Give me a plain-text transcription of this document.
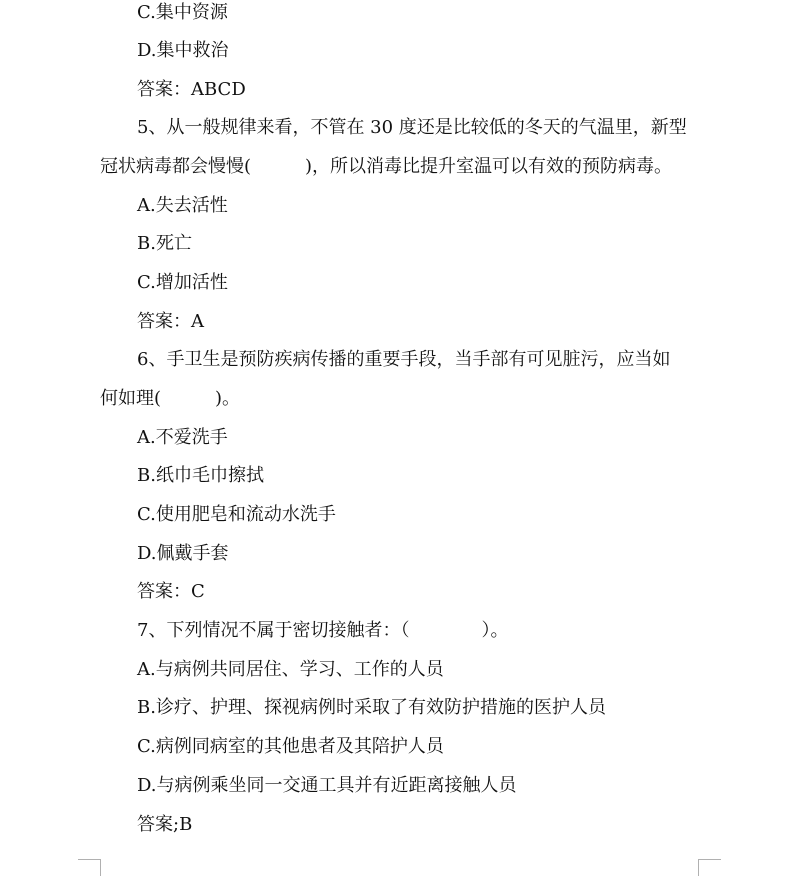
C.集中资源
D.集中救治
答案：ABCD
5、从一般规律来看，不管在 30 度还是比较低的冬天的气温里，新型
冠状病毒都会慢慢(　　　)，所以消毒比提升室温可以有效的预防病毒。
A.失去活性
B.死亡
C.增加活性
答案：A
6、手卫生是预防疾病传播的重要手段，当手部有可见脏污，应当如
何如理(　　　)。
A.不爱洗手
B.纸巾毛巾擦拭
C.使用肥皂和流动水洗手
D.佩戴手套
答案：C
7、下列情况不属于密切接触者：（　　　　）。
A.与病例共同居住、学习、工作的人员
B.诊疗、护理、探视病例时采取了有效防护措施的医护人员
C.病例同病室的其他患者及其陪护人员
D.与病例乘坐同一交通工具并有近距离接触人员
答案;B
